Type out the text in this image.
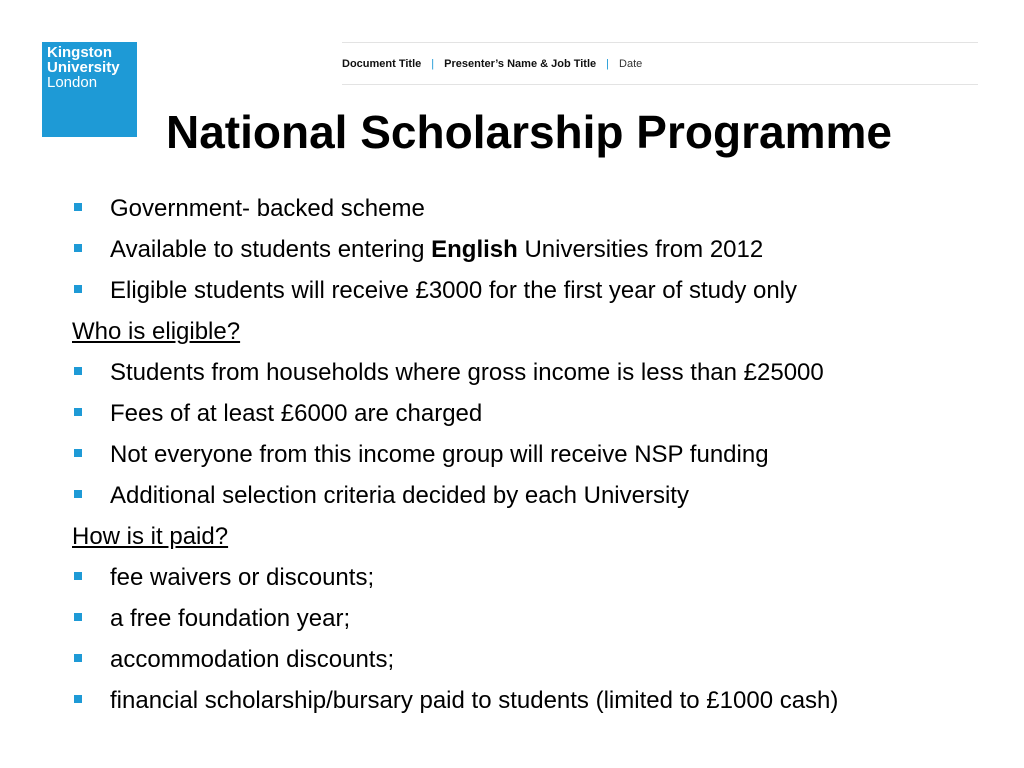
Kingston
University
London
Document Title | Presenter’s Name & Job Title | Date
National Scholarship Programme
Government- backed scheme
Available to students entering English Universities from 2012
Eligible students will receive £3000 for the first year of study only
Who is eligible?
Students from households where gross income is less than £25000
Fees of at least £6000 are charged
Not everyone from this income group will receive NSP funding
Additional selection criteria decided by each University
How is it paid?
fee waivers or discounts;
a free foundation year;
accommodation discounts;
financial scholarship/bursary paid to students (limited to £1000 cash)
